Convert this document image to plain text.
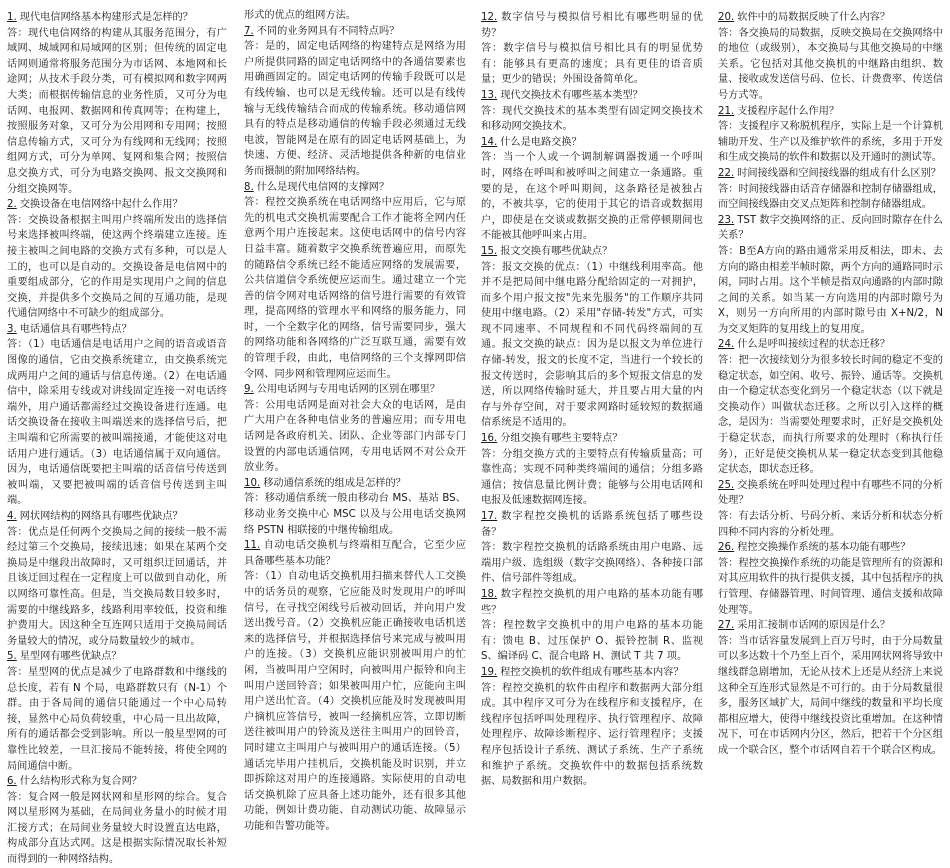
1. 现代电信网络基本构建形式是怎样的？

答：现代电信网络的构建从其服务范围分，有广域网、城域网和局域网的区别；但传统的固定电话网则通常将服务范围分为市话网、本地网和长途网；从技术手段分类，可有模拟网和数字网两大类；而根据传输信息的业务性质，又可分为电话网、电报网、数据网和传真网等；在构建上，按照服务对象，又可分为公用网和专用网；按照信息传输方式，又可分为有线网和无线网；按照组网方式，可分为单网、复网和集合网；按照信息交换方式，可分为电路交换网、报文交换网和分组交换网等。

2. 交换设备在电信网络中起什么作用？

答：交换设备根据主叫用户终端所发出的选择信号来选择被叫终端，使这两个终端建立连接。连接主被叫之间电路的交换方式有多种，可以是人工的，也可以是自动的。交换设备是电信网中的重要组成部分，它的作用是实现用户之间的信息交换，并提供多个交换局之间的互通功能，是现代通信网络中不可缺少的组成部分。

3. 电话通信具有哪些特点？

答：（1）电话通信是电话用户之间的语音或语音图像的通信，它由交换系统建立，由交换系统完成两用户之间的通话与信息传递。（2）在电话通信中，除采用专线或对讲线固定连接一对电话终端外，用户通话都需经过交换设备进行连通。电话交换设备在接收主叫端送来的选择信号后，把主叫端和它所需要的被叫端接通，才能使这对电话用户进行通话。（3）电话通信属于双向通信。因为，电话通信既要把主叫端的话音信号传送到被叫端，又要把被叫端的话音信号传送到主叫端。

4. 网状网结构的网络具有哪些优缺点？

答：优点是任何两个交换局之间的接续一般不需经过第三个交换局，接续迅速；如果在某两个交换局是中继段出故障时，又可组织迂回通话，并且该迂回过程在一定程度上可以做到自动化，所以网络可靠性高。但是，当交换局数目较多时，需要的中继线路多，线路利用率较低，投资和维护费用大。因这种全互连网只适用于交换局间话务量较大的情况，或分局数量较少的城市。

5. 星型网有哪些优缺点？

答：星型网的优点是减少了电路群数和中继线的总长度，若有 N 个局，电路群数只有（N-1）个群。由于各局间的通信只能通过一个中心局转接，显然中心局负荷较重，中心局一旦出故障，所有的通话都会受到影响。所以一般星型网的可靠性比较差，一旦汇接局不能转接，将使全网的局间通信中断。

6. 什么结构形式称为复合网？

答：复合网一般是网状网和星形网的综合。复合网以星形网为基础，在局间业务量小的时候才用汇接方式；在局间业务量较大时设置直达电路，构成部分直达式网。这是根据实际情况取长补短而得到的一种网络结构。

形式的优点的组网方法。

7. 不同的业务网具有不同特点吗？

答：是的，固定电话网络的构建特点是网络为用户所提供同路的固定电话网络中的各通信要素也用确画固定的。固定电话网的传输手段既可以是有线传输、也可以是无线传输。还可以是有线传输与无线传输结合而成的传输系统。移动通信网具有的特点是移动通信的传输手段必须通过无线电波，智能网是在原有的固定电话网基础上，为快速、方便、经济、灵活地提供各种新的电信业务而摄制的附加网络结构。

8. 什么是现代电信网的支撑网？

答：程控交换系统在电话网络中应用后，它与原先的机电式交换机需要配合工作才能将全网内任意两个用户连接起来。这使电话网中的信号内容日益丰富。随着数字交换系统普遍应用，而原先的随路信令系统已经不能适应网络的发展需要，公共信道信令系统便应运而生。通过建立一个完善的信令网对电话网络的信号进行需要的有效管理，提高网络的管理水平和网络的服务能力，同时，一个全数字化的网络，信号需要同步，强大的网络功能和各网络的广泛互联互通，需要有效的管理手段，由此，电信网络的三个支撑网即信令网、同步网和管理网应运而生。

9. 公用电话网与专用电话网的区别在哪里？

答：公用电话网是面对社会大众的电话网，是由广大用户在各种电信业务的普遍应用；而专用电话网是各政府机关、团队、企业等部门内部专门设置的内部电话通信网，专用电话网不对公众开放业务。

10. 移动通信系统的组成是怎样的？

答：移动通信系统一般由移动台 MS、基站 BS、移动业务交换中心 MSC 以及与公用电话交换网络 PSTN 相联接的中继传输组成。

11. 自动电话交换机与终端相互配合，它至少应具备哪些基本功能？

答：（1）自动电话交换机用扫描来替代人工交换中的话务员的观察，它应能及时发现用户的呼叫信号，在寻找空闲线号后被动回话，并向用户发送出拨号音。（2）交换机应能正确接收电话机送来的选择信号，并根据选择信号来完成与被叫用户的连接。（3）交换机应能识别被叫用户的忙闲，当被叫用户空闲时，向被叫用户振铃和向主叫用户送回铃音；如果被叫用户忙，应能向主叫用户送出忙音。（4）交换机应能及时发现被叫用户摘机应答信号，被叫一经摘机应答，立即切断送往被叫用户的铃流及送往主叫用户的回铃音，同时建立主叫用户与被叫用户的通话连接。（5）通话完毕用户挂机后，交换机能及时识别，并立即拆除这对用户的连接通路。实际使用的自动电话交换机除了应具备上述功能外，还有很多其他功能，例如计费功能、自动测试功能、故障显示功能和告警功能等。

12. 数字信号与模拟信号相比有哪些明显的优势？

答：数字信号与模拟信号相比具有的明显优势有：能够具有更高的速度；具有更佳的语音质量；更少的错误；外围设备简单化。

13. 现代交换技术有哪些基本类型？

答：现代交换技术的基本类型有固定网交换技术和移动网交换技术。

14. 什么是电路交换？

答：当一个人或一个调制解调器拨通一个呼叫时，网络在呼叫和被呼叫之间建立一条通路。重要的是，在这个呼叫期间，这条路径是被独占的，不被共享，它的使用于其它的语音或数据用户，即使是在交谈或数据交换的正常停顿期间也不能被其他呼叫来占用。

15. 报文交换有哪些优缺点？

答：报文交换的优点：（1）中继线利用率高。他并不是把局间中继电路分配给固定的一对拥护，而多个用户报文按"先来先服务"的工作顺序共同使用中继电路。（2）采用"存储-转发"方式，可实现不同速率、不同规程和不同代码终端间的互通。报文交换的缺点：因为是以报文为单位进行存储-转发，报文的长度不定，当进行一个较长的报文传送时，会影响其后的多个短报文信息的发送，所以网络传输时延大，并且要占用大量的内存与外存空间，对于要求网路时延较短的数据通信系统是不适用的。

16. 分组交换有哪些主要特点？

答：分组交换方式的主要特点有传输质量高；可靠性高；实现不同种类终端间的通信；分组多路通信；按信息量比例计费；能够与公用电话网和电报及低速数据网连接。

17. 数字程控交换机的话路系统包括了哪些设备？

答：数字程控交换机的话路系统由用户电路、远端用户级、选组级（数字交换网络）、各种接口部件、信号部件等组成。

18. 数字程控交换机的用户电路的基本功能有哪些？

答：程控数字交换机中的用户电路的基本功能有：馈电 B、过压保护 O、振铃控制 R、监视 S、编译码 C、混合电路 H、测试 T 共 7 项。

19. 程控交换机的软件组成有哪些基本内容？

答：程控交换机的软件由程序和数据两大部分组成。其中程序又可分为在线程序和支援程序，在线程序包括呼叫处理程序、执行管理程序、故障处理程序、故障诊断程序、运行管理程序；支援程序包括设计子系统、测试子系统、生产子系统和维护子系统。交换软件中的数据包括系统数据、局数据和用户数据。

20. 软件中的局数据反映了什么内容？

答：各交换局的局数据，反映交换局在交换网络中的地位（或级别），本交换局与其他交换局的中继关系。它包括对其他交换机的中继路由组织、数量、接收或发送信号码、位长、计费费率、传送信号方式等。

21. 支援程序起什么作用？

答：支援程序又称脱机程序，实际上是一个计算机辅助开发、生产以及维护软件的系统，多用于开发和生成交换局的软件和数据以及开通时的测试等。

22. 时间接线器和空间接线器的组成有什么区别？

答：时间接线器由话音存储器和控制存储器组成，而空间接线器由交叉点矩阵和控制存储器组成。

23. TST 数字交换网络的正、反向回时隙存在什么关系？

答：B至A方向的路由通常采用反相法，即未、去方向的路由相差半帧时隙，两个方向的通路同时示闲，同时占用。这个半帧是指双向通路的内部时隙之间的关系。如当某一方向选用的内部时隙号为 X，则另一方向所用的内部时隙号由 X+N/2，N 为交叉矩阵的复用线上的复用度。

24. 什么是呼叫接续过程的状态迁移？

答：把一次接续划分为很多较长时间的稳定不变的稳定状态，如空闲、收号、振铃、通话等。交换机由一个稳定状态变化到另一个稳定状态（以下就是交换动作）叫做状态迁移。之所以引入这样的概念，是因为：当需要处理要求时，正好是交换机处于稳定状态，而执行所要求的处理时（称执行任务），正好是使交换机从某一稳定状态变到其他稳定状态，即状态迁移。

25. 交换系统在呼叫处理过程中有哪些不同的分析处理？

答：有去话分析、号码分析、来话分析和状态分析四种不同内容的分析处理。

26. 程控交换操作系统的基本功能有哪些？

答：程控交换操作系统的功能是管理所有的资源和对其应用软件的执行提供支援，其中包括程序的执行管理、存储器管理、时间管理、通信支援和故障处理等。

27. 采用汇接制市话网的原因是什么？

答：当市话容量发展到上百万号时，由于分局数量可以多达数十个乃至上百个，采用网状网将导致中继线群急剧增加，无论从技术上还是从经济上来说这种全互连形式显然是不可行的。由于分局数量很多，服务区域扩大，局间中继线的数量和平均长度都相应增大，使得中继线投资比重增加。在这种情况下，可在市话网内分区，然后，把若干个分区组成一个联合区，整个市话网自若干个联合区构成。
